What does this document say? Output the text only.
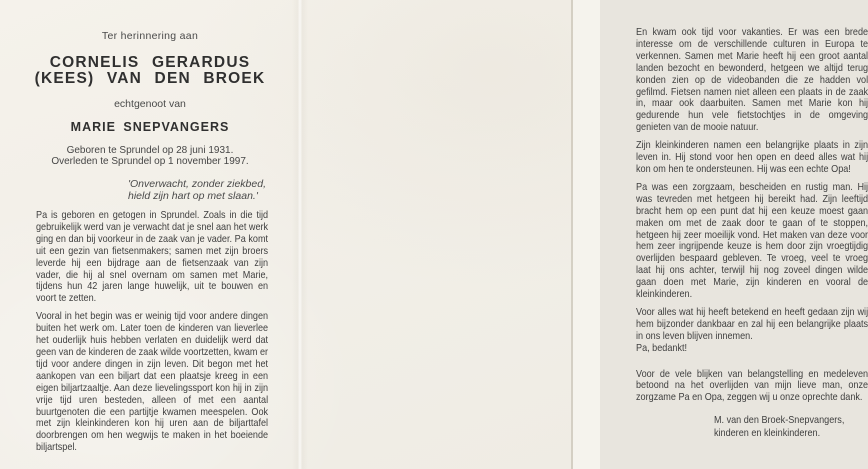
Ter herinnering aan
CORNELIS GERARDUS
(KEES) VAN DEN BROEK
echtgenoot van
MARIE SNEPVANGERS
Geboren te Sprundel op 28 juni 1931.
Overleden te Sprundel op 1 november 1997.
'Onverwacht, zonder ziekbed,
hield zijn hart op met slaan.'

Pa is geboren en getogen in Sprundel. Zoals in die tijd gebruikelijk werd van je verwacht dat je snel aan het werk ging en dan bij voorkeur in de zaak van je vader. Pa komt uit een gezin van fietsenmakers; samen met zijn broers leverde hij een bijdrage aan de fietsenzaak van zijn vader, die hij al snel overnam om samen met Marie, tijdens hun 42 jaren lange huwelijk, uit te bouwen en voort te zetten.

Vooral in het begin was er weinig tijd voor andere dingen buiten het werk om. Later toen de kinderen van lieverlee het ouderlijk huis hebben verlaten en duidelijk werd dat geen van de kinderen de zaak wilde voortzetten, kwam er tijd voor andere dingen in zijn leven. Dit begon met het aankopen van een biljart dat een plaatsje kreeg in een eigen biljartzaaltje. Aan deze lievelingssport kon hij in zijn vrije tijd uren besteden, alleen of met een aantal buurtgenoten die een partijtje kwamen meespelen. Ook met zijn kleinkinderen kon hij uren aan de biljarttafel doorbrengen om hen wegwijs te maken in het boeiende biljartspel.

En kwam ook tijd voor vakanties. Er was een brede interesse om de verschillende culturen in Europa te verkennen. Samen met Marie heeft hij een groot aantal landen bezocht en bewonderd, hetgeen we altijd terug konden zien op de videobanden die ze hadden vol gefilmd. Fietsen namen niet alleen een plaats in de zaak in, maar ook daarbuiten. Samen met Marie kon hij gedurende hun vele fietstochtjes in de omgeving genieten van de mooie natuur.

Zijn kleinkinderen namen een belangrijke plaats in zijn leven in. Hij stond voor hen open en deed alles wat hij kon om hen te ondersteunen. Hij was een echte Opa!

Pa was een zorgzaam, bescheiden en rustig man. Hij was tevreden met hetgeen hij bereikt had. Zijn leeftijd bracht hem op een punt dat hij een keuze moest gaan maken om met de zaak door te gaan of te stoppen, hetgeen hij zeer moeilijk vond. Het maken van deze voor hem zeer ingrijpende keuze is hem door zijn vroegtijdig overlijden bespaard gebleven. Te vroeg, veel te vroeg laat hij ons achter, terwijl hij nog zoveel dingen wilde gaan doen met Marie, zijn kinderen en vooral de kleinkinderen.

Voor alles wat hij heeft betekend en heeft gedaan zijn wij hem bijzonder dankbaar en zal hij een belangrijke plaats in ons leven blijven innemen.

Pa, bedankt!

Voor de vele blijken van belangstelling en medeleven betoond na het overlijden van mijn lieve man, onze zorgzame Pa en Opa, zeggen wij u onze oprechte dank.

M. van den Broek-Snepvangers,
kinderen en kleinkinderen.
